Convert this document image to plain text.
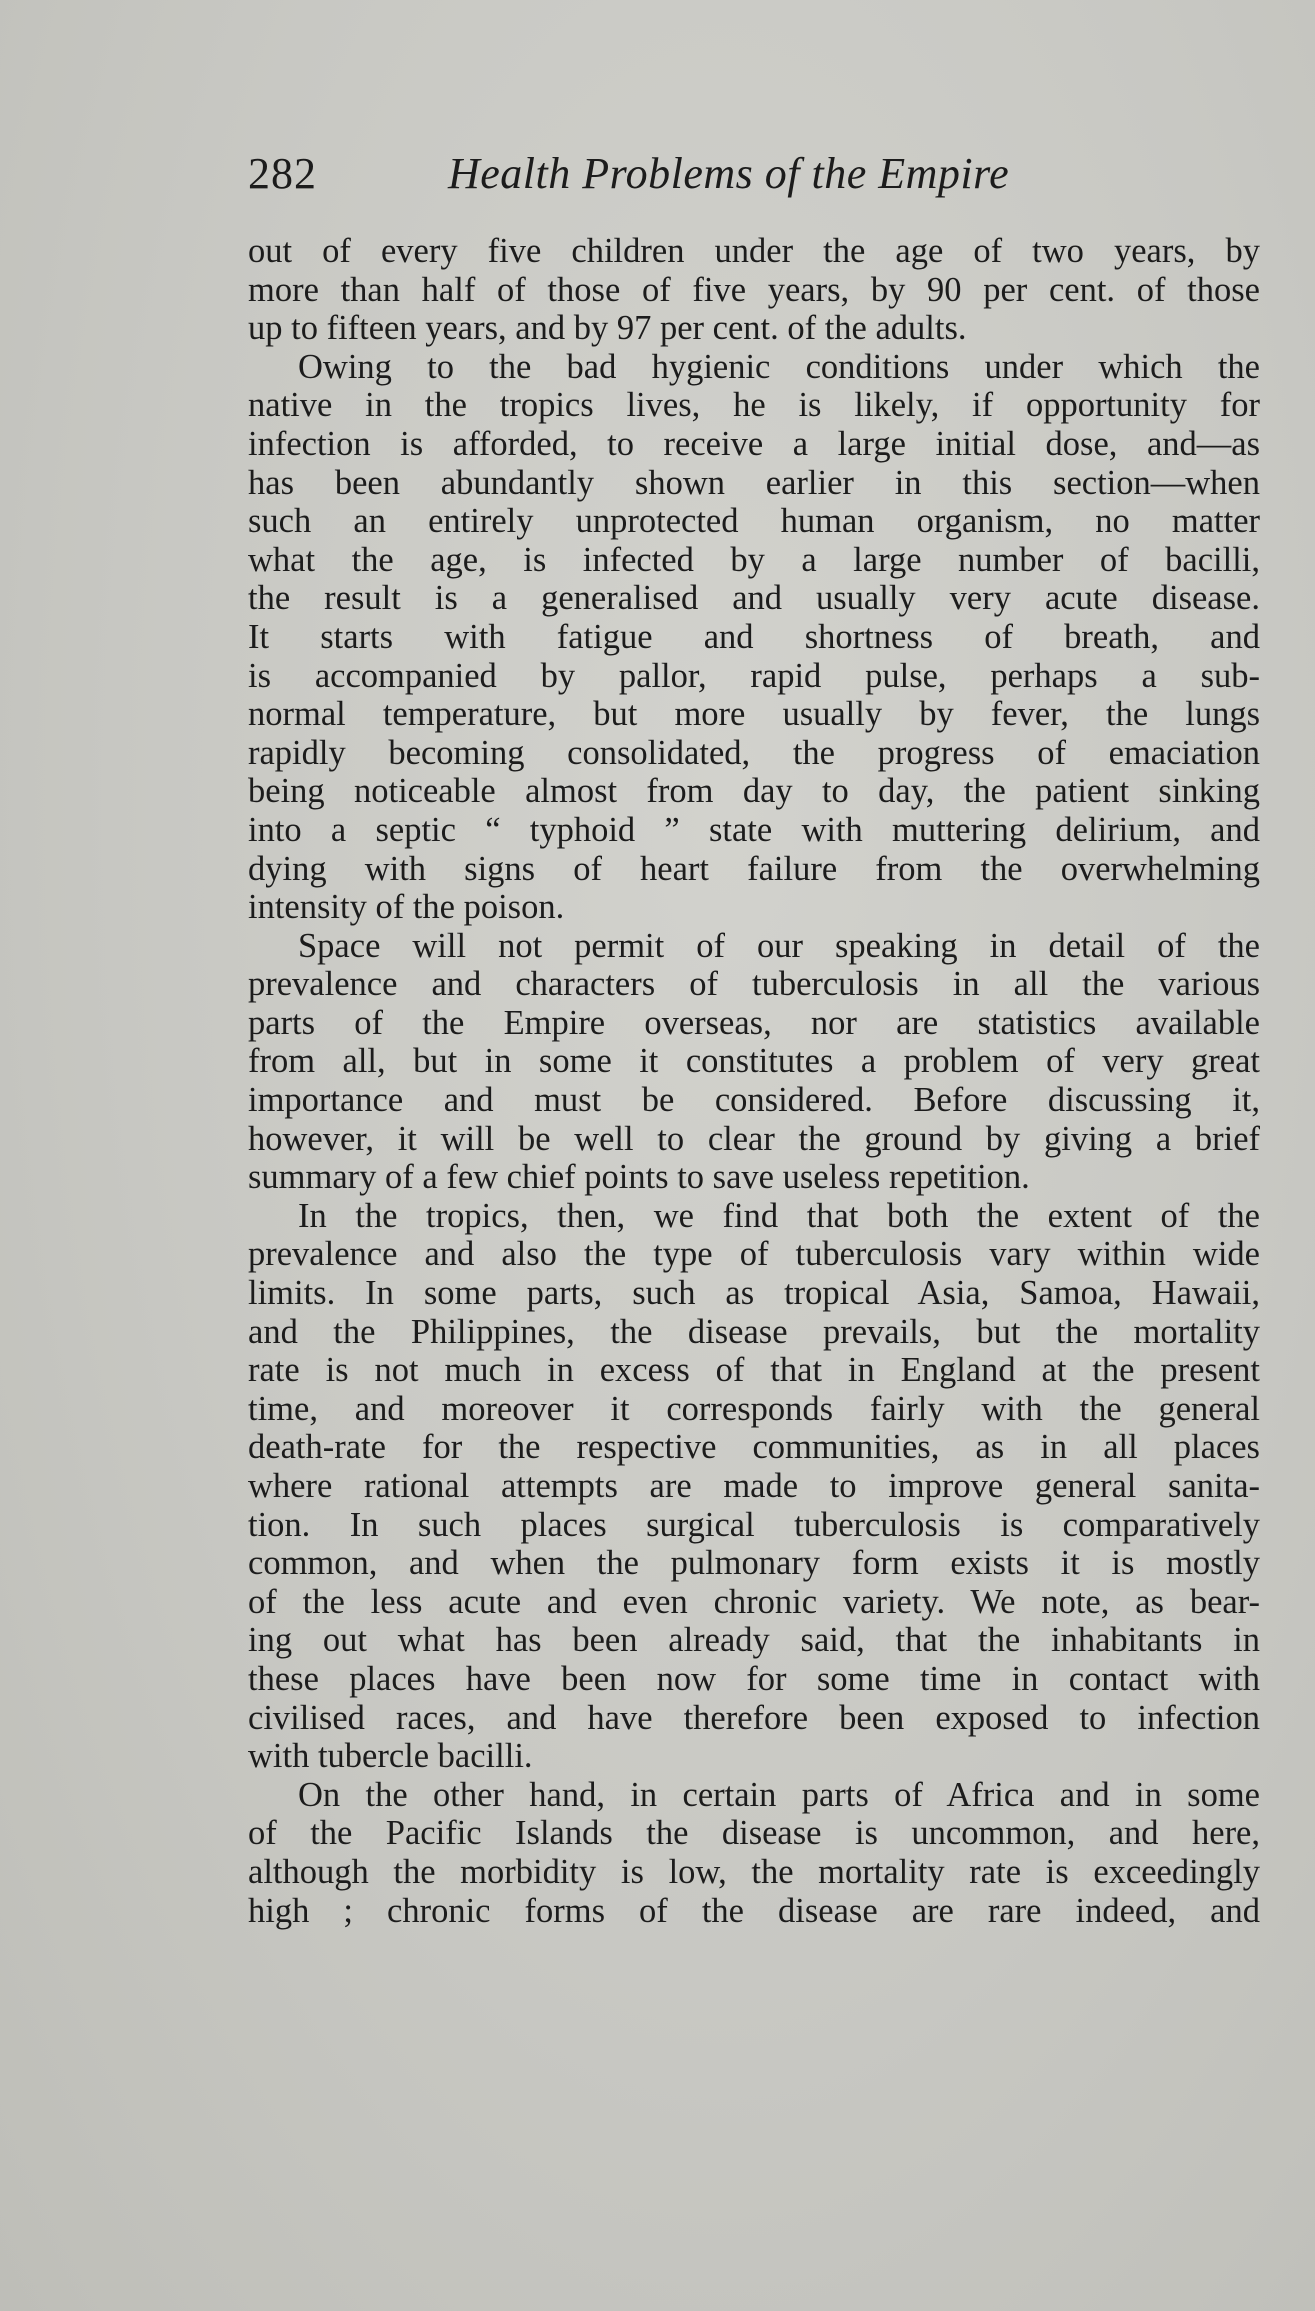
282	Health Problems of the Empire
out of every five children under the age of two years, by
more than half of those of five years, by 90 per cent. of those
up to fifteen years, and by 97 per cent. of the adults.
Owing to the bad hygienic conditions under which the
native in the tropics lives, he is likely, if opportunity for
infection is afforded, to receive a large initial dose, and—as
has been abundantly shown earlier in this section—when
such an entirely unprotected human organism, no matter
what the age, is infected by a large number of bacilli,
the result is a generalised and usually very acute disease.
It starts with fatigue and shortness of breath, and
is accompanied by pallor, rapid pulse, perhaps a sub-
normal temperature, but more usually by fever, the lungs
rapidly becoming consolidated, the progress of emaciation
being noticeable almost from day to day, the patient sinking
into a septic “ typhoid ” state with muttering delirium, and
dying with signs of heart failure from the overwhelming
intensity of the poison.
Space will not permit of our speaking in detail of the
prevalence and characters of tuberculosis in all the various
parts of the Empire overseas, nor are statistics available
from all, but in some it constitutes a problem of very great
importance and must be considered. Before discussing it,
however, it will be well to clear the ground by giving a brief
summary of a few chief points to save useless repetition.
In the tropics, then, we find that both the extent of the
prevalence and also the type of tuberculosis vary within wide
limits. In some parts, such as tropical Asia, Samoa, Hawaii,
and the Philippines, the disease prevails, but the mortality
rate is not much in excess of that in England at the present
time, and moreover it corresponds fairly with the general
death-rate for the respective communities, as in all places
where rational attempts are made to improve general sanita-
tion. In such places surgical tuberculosis is comparatively
common, and when the pulmonary form exists it is mostly
of the less acute and even chronic variety. We note, as bear-
ing out what has been already said, that the inhabitants in
these places have been now for some time in contact with
civilised races, and have therefore been exposed to infection
with tubercle bacilli.
On the other hand, in certain parts of Africa and in some
of the Pacific Islands the disease is uncommon, and here,
although the morbidity is low, the mortality rate is exceedingly
high ; chronic forms of the disease are rare indeed, and
